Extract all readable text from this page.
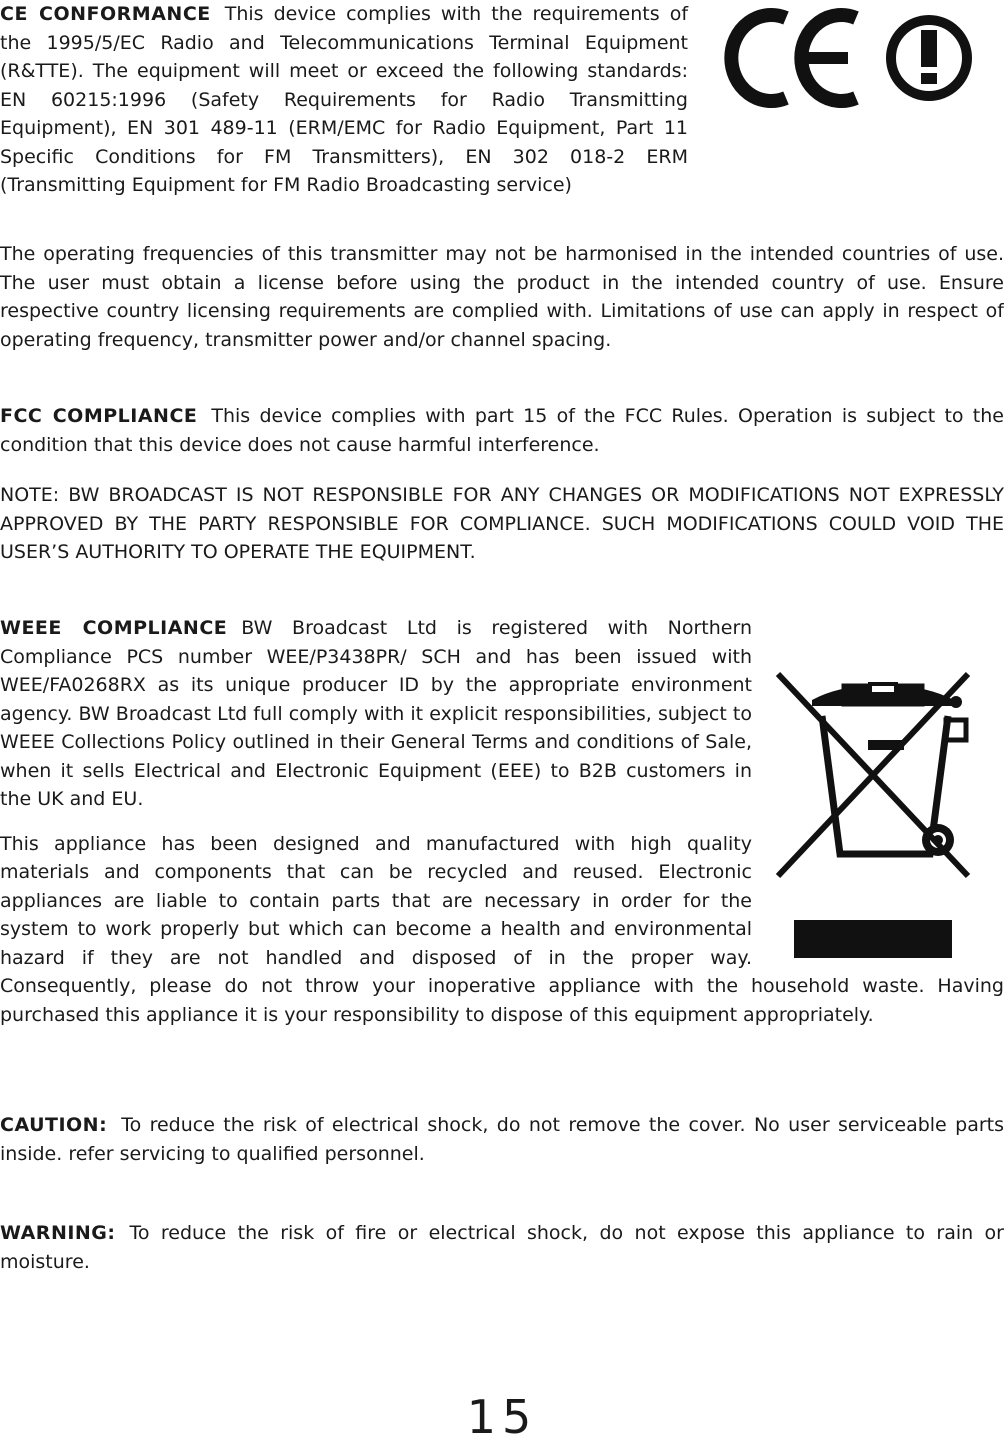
CE CONFORMANCE This device complies with the requirements of the 1995/5/EC Radio and Telecommunications Terminal Equipment (R&TTE). The equipment will meet or exceed the following standards: EN 60215:1996 (Safety Requirements for Radio Transmitting Equipment), EN 301 489-11 (ERM/EMC for Radio Equipment, Part 11 Specific Conditions for FM Transmitters), EN 302 018-2 ERM (Transmitting Equipment for FM Radio Broadcasting service)

The operating frequencies of this transmitter may not be harmonised in the intended countries of use. The user must obtain a license before using the product in the intended country of use. Ensure respective country licensing requirements are complied with. Limitations of use can apply in respect of operating frequency, transmitter power and/or channel spacing.

FCC COMPLIANCE This device complies with part 15 of the FCC Rules. Operation is subject to the condition that this device does not cause harmful interference.

NOTE: BW BROADCAST IS NOT RESPONSIBLE FOR ANY CHANGES OR MODIFICATIONS NOT EXPRESSLY APPROVED BY THE PARTY RESPONSIBLE FOR COMPLIANCE. SUCH MODIFICATIONS COULD VOID THE USER’S AUTHORITY TO OPERATE THE EQUIPMENT.

WEEE COMPLIANCE BW Broadcast Ltd is registered with Northern Compliance PCS number WEE/P3438PR/ SCH and has been issued with WEE/FA0268RX as its unique producer ID by the appropriate environment agency. BW Broadcast Ltd full comply with it explicit responsibilities, subject to WEEE Collections Policy outlined in their General Terms and conditions of Sale, when it sells Electrical and Electronic Equipment (EEE) to B2B customers in the UK and EU.

This appliance has been designed and manufactured with high quality materials and components that can be recycled and reused. Electronic appliances are liable to contain parts that are necessary in order for the system to work properly but which can become a health and environmental hazard if they are not handled and disposed of in the proper way. Consequently, please do not throw your inoperative appliance with the household waste. Having purchased this appliance it is your responsibility to dispose of this equipment appropriately.

CAUTION: To reduce the risk of electrical shock, do not remove the cover. No user serviceable parts inside. refer servicing to qualified personnel.

WARNING: To reduce the risk of fire or electrical shock, do not expose this appliance to rain or moisture.

15
